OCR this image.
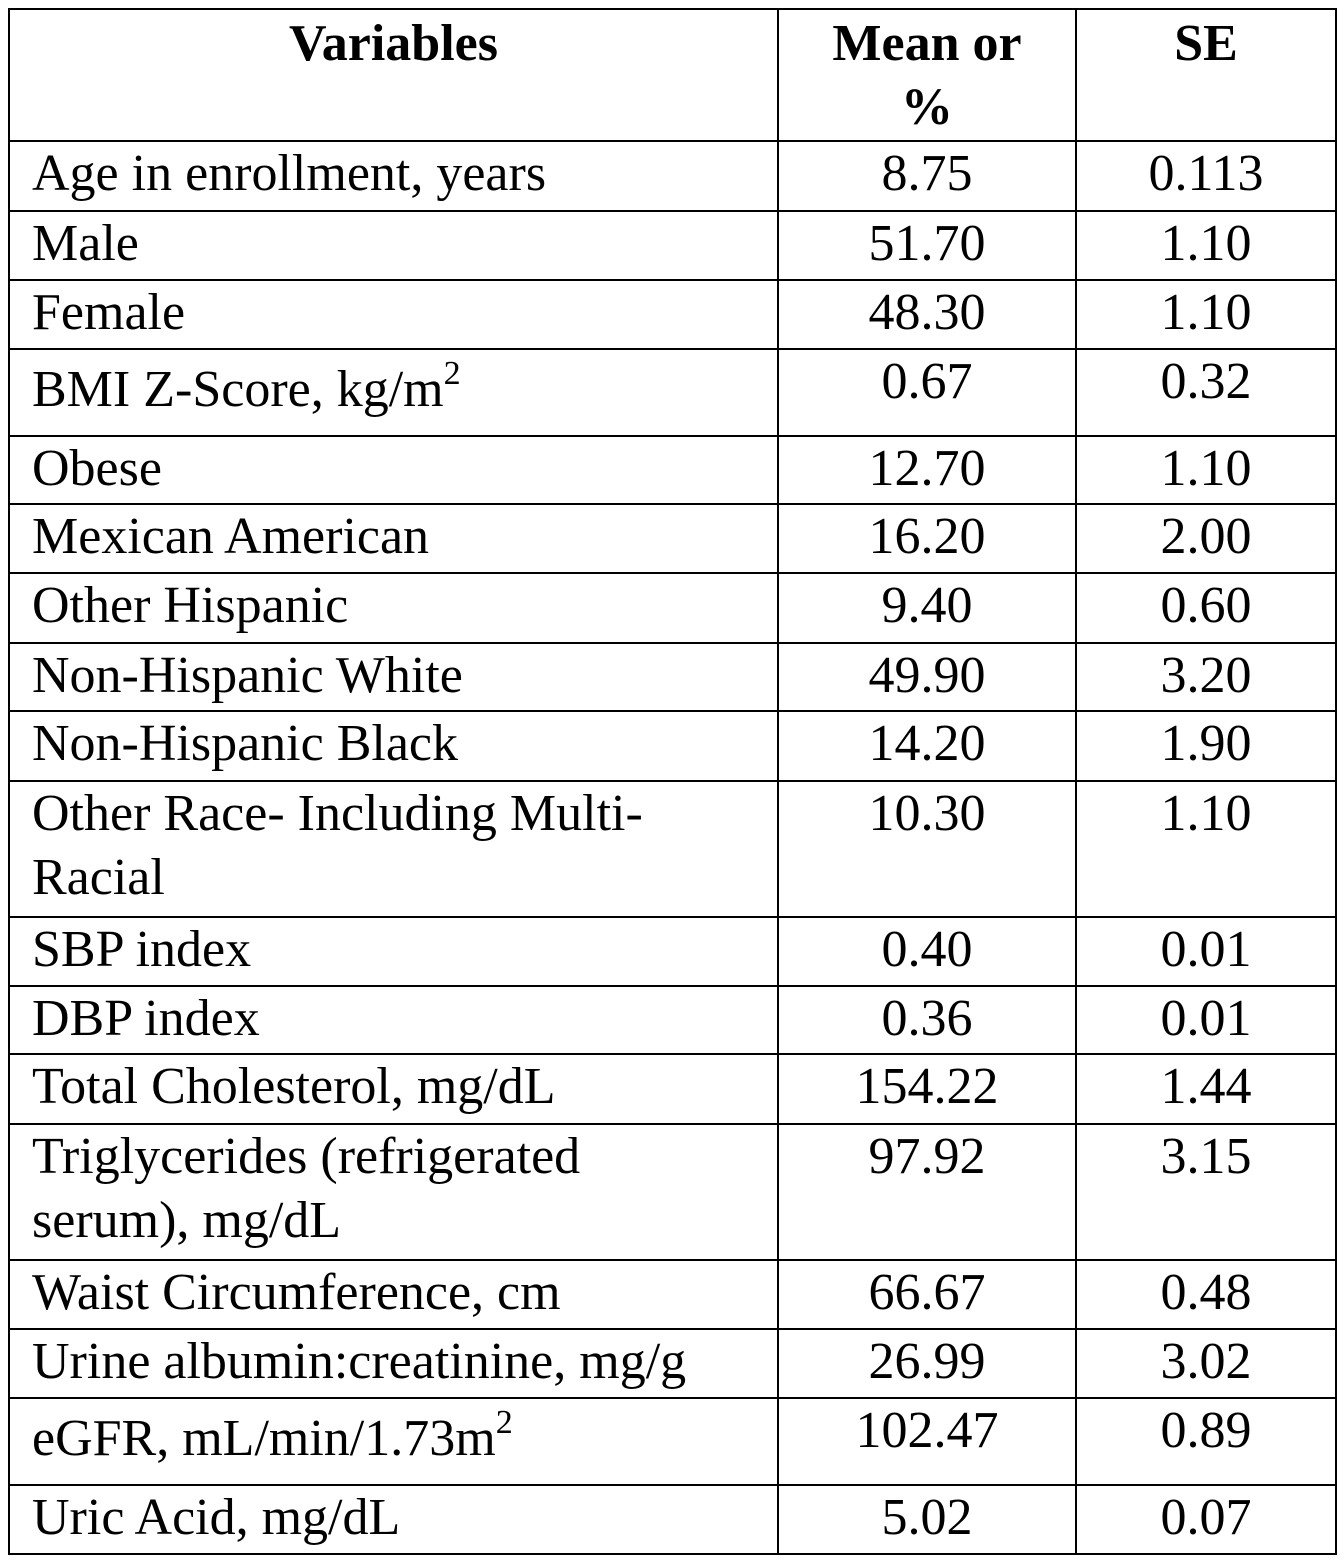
Variables	Mean or %	SE
Age in enrollment, years	8.75	0.113
Male	51.70	1.10
Female	48.30	1.10
BMI Z-Score, $kg/m^2$	0.67	0.32
Obese	12.70	1.10
Mexican American	16.20	2.00
Other Hispanic	9.40	0.60
Non-Hispanic White	49.90	3.20
Non-Hispanic Black	14.20	1.90
Other Race- Including Multi-Racial	10.30	1.10
SBP index	0.40	0.01
DBP index	0.36	0.01
Total Cholesterol, mg/dL	154.22	1.44
Triglycerides (refrigerated serum), mg/dL	97.92	3.15
Waist Circumference, cm	66.67	0.48
Urine albumin:creatinine, mg/g	26.99	3.02
eGFR, $mL/\min/1.73m^2$	102.47	0.89
Uric Acid, mg/dL	5.02	0.07
